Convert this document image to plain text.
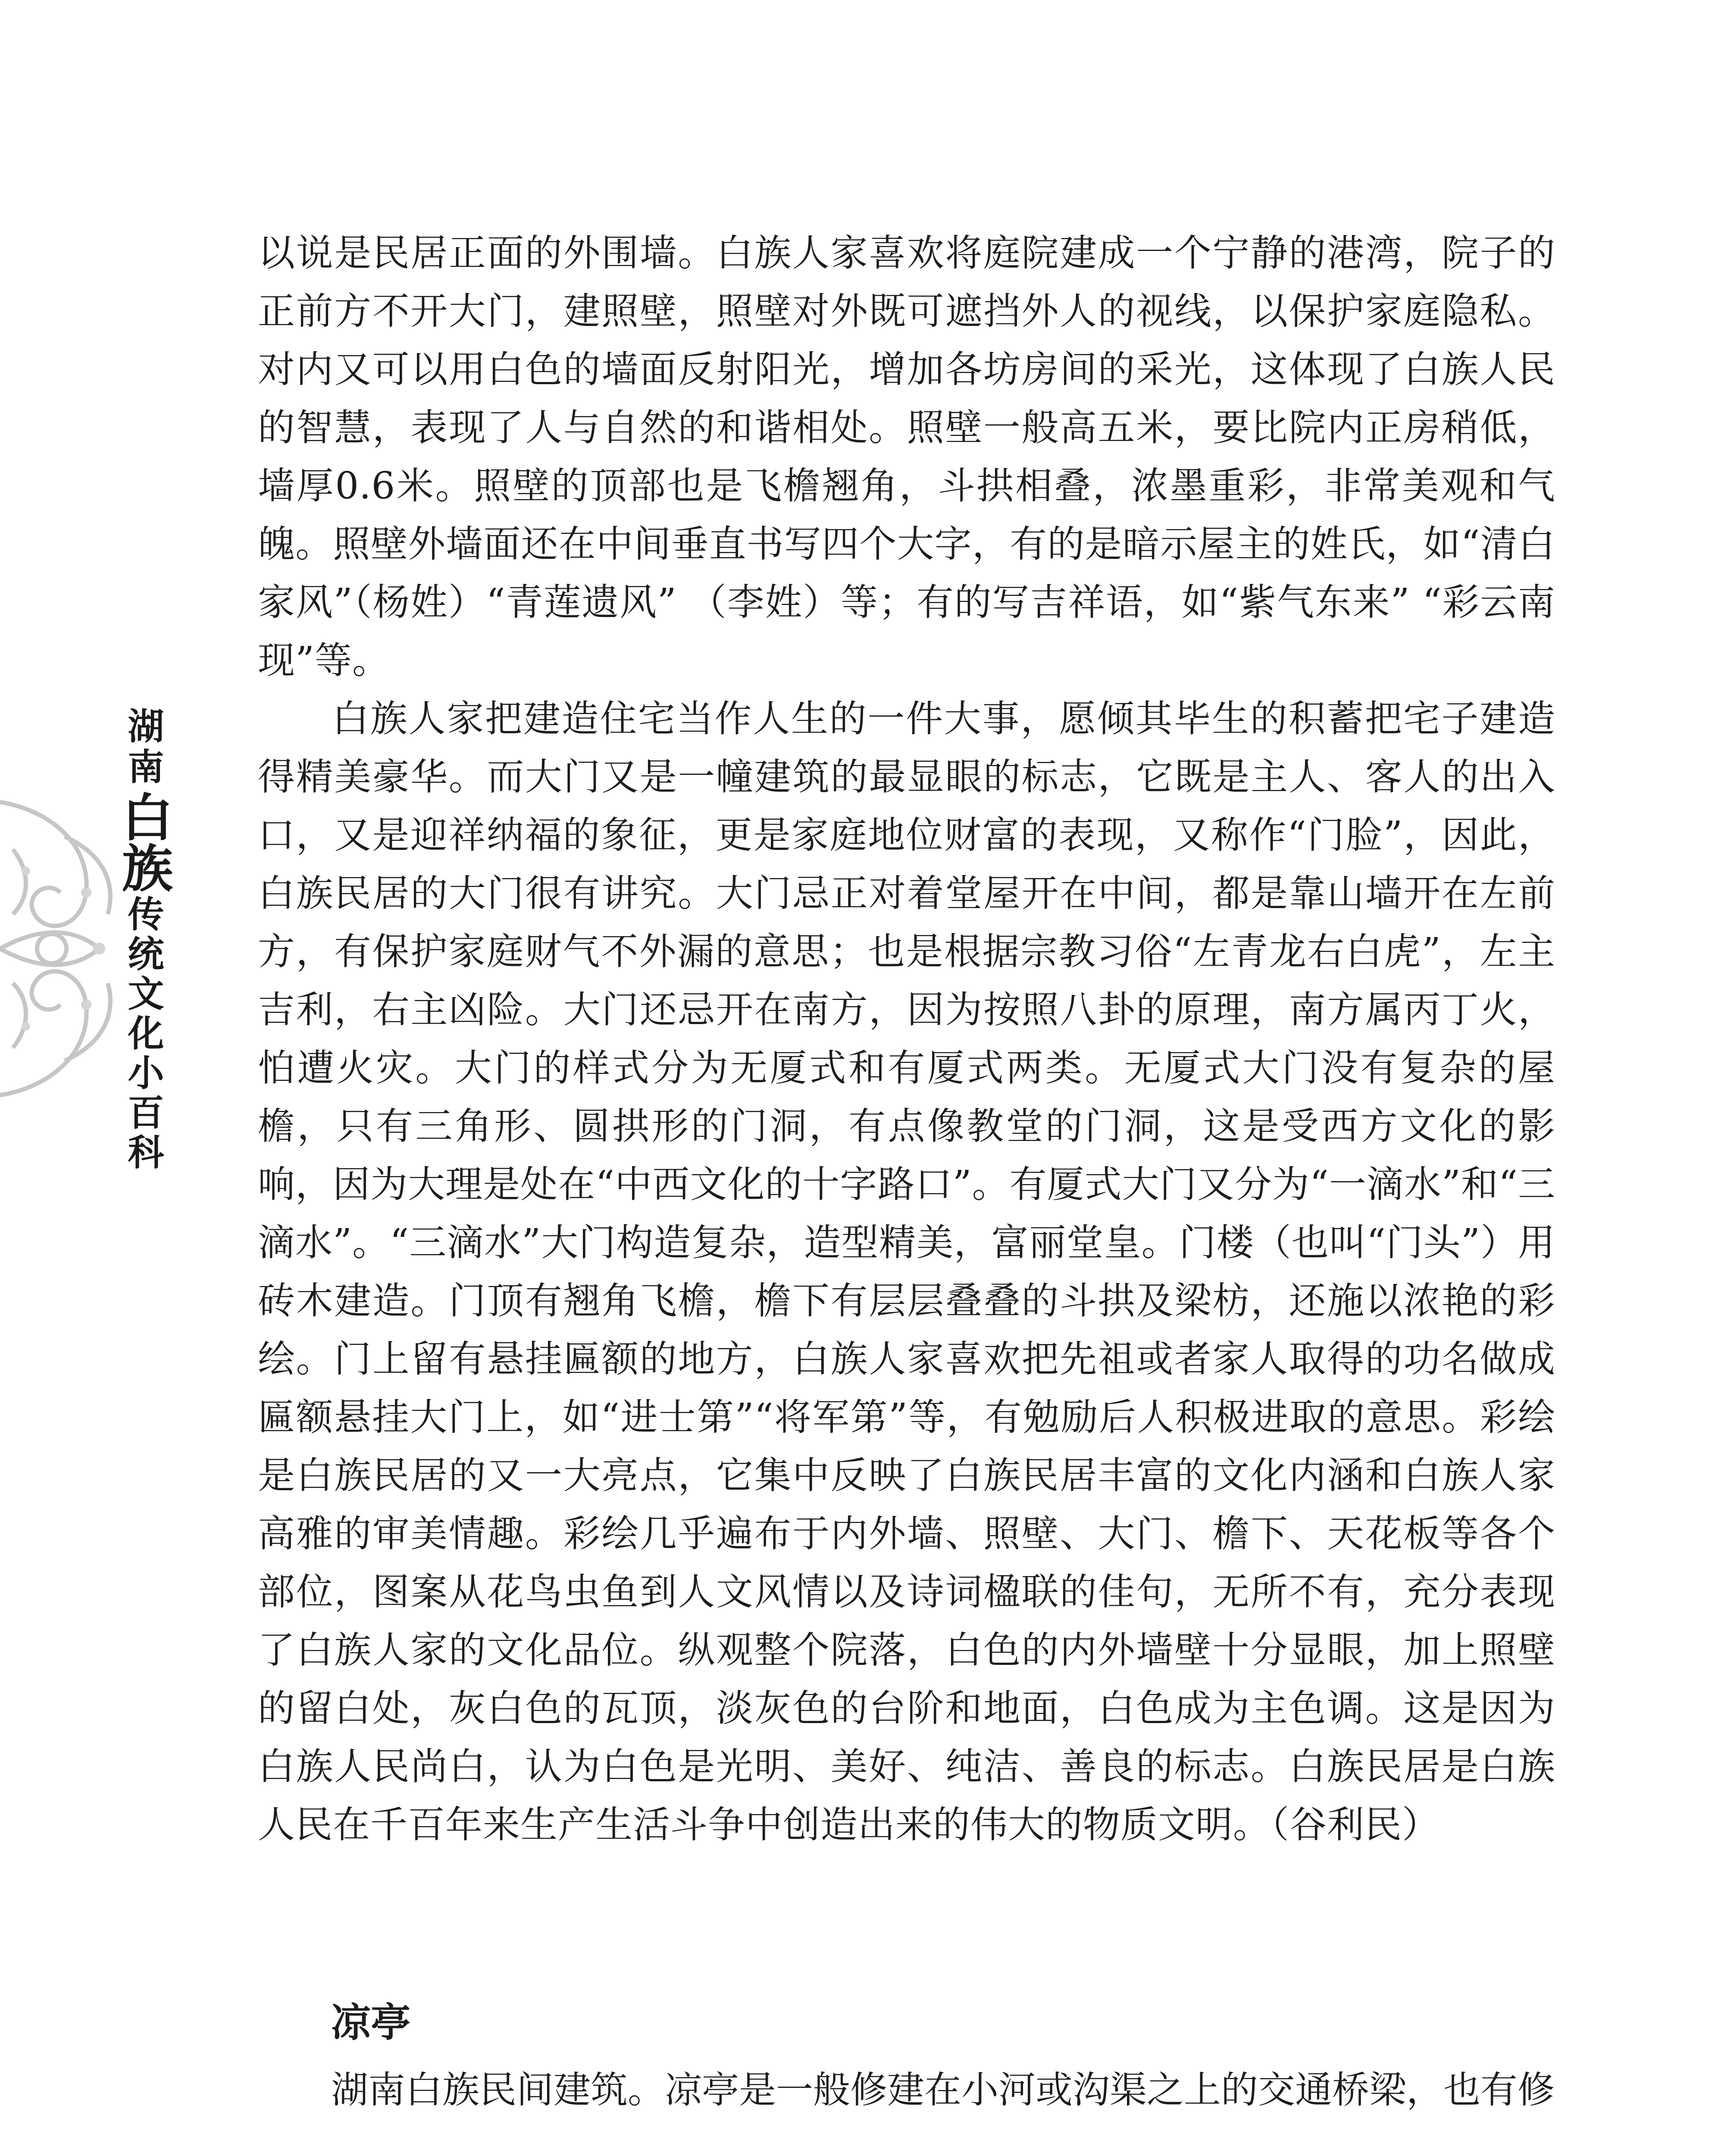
湖南
白族
传统文化小百科

以说是民居正面的外围墙。白族人家喜欢将庭院建成一个宁静的港湾，院子的正前方不开大门，建照壁，照壁对外既可遮挡外人的视线，以保护家庭隐私。对内又可以用白色的墙面反射阳光，增加各坊房间的采光，这体现了白族人民的智慧，表现了人与自然的和谐相处。照壁一般高五米，要比院内正房稍低，墙厚0.6米。照壁的顶部也是飞檐翘角，斗拱相叠，浓墨重彩，非常美观和气魄。照壁外墙面还在中间垂直书写四个大字，有的是暗示屋主的姓氏，如“清白家风”（杨姓）“青莲遗风” （李姓）等；有的写吉祥语，如“紫气东来” “彩云南现”等。

白族人家把建造住宅当作人生的一件大事，愿倾其毕生的积蓄把宅子建造得精美豪华。而大门又是一幢建筑的最显眼的标志，它既是主人、客人的出入口，又是迎祥纳福的象征，更是家庭地位财富的表现，又称作“门脸”，因此，白族民居的大门很有讲究。大门忌正对着堂屋开在中间，都是靠山墙开在左前方，有保护家庭财气不外漏的意思；也是根据宗教习俗“左青龙右白虎”，左主吉利，右主凶险。大门还忌开在南方，因为按照八卦的原理，南方属丙丁火，怕遭火灾。大门的样式分为无厦式和有厦式两类。无厦式大门没有复杂的屋檐，只有三角形、圆拱形的门洞，有点像教堂的门洞，这是受西方文化的影响，因为大理是处在“中西文化的十字路口”。有厦式大门又分为“一滴水”和“三滴水”。“三滴水”大门构造复杂，造型精美，富丽堂皇。门楼（也叫“门头”）用砖木建造。门顶有翘角飞檐，檐下有层层叠叠的斗拱及梁枋，还施以浓艳的彩绘。门上留有悬挂匾额的地方，白族人家喜欢把先祖或者家人取得的功名做成匾额悬挂大门上，如“进士第”“将军第”等，有勉励后人积极进取的意思。彩绘是白族民居的又一大亮点，它集中反映了白族民居丰富的文化内涵和白族人家高雅的审美情趣。彩绘几乎遍布于内外墙、照壁、大门、檐下、天花板等各个部位，图案从花鸟虫鱼到人文风情以及诗词楹联的佳句，无所不有，充分表现了白族人家的文化品位。纵观整个院落，白色的内外墙壁十分显眼，加上照壁的留白处，灰白色的瓦顶，淡灰色的台阶和地面，白色成为主色调。这是因为白族人民尚白，认为白色是光明、美好、纯洁、善良的标志。白族民居是白族人民在千百年来生产生活斗争中创造出来的伟大的物质文明。（谷利民）

凉亭

湖南白族民间建筑。凉亭是一般修建在小河或沟渠之上的交通桥梁，也有修
